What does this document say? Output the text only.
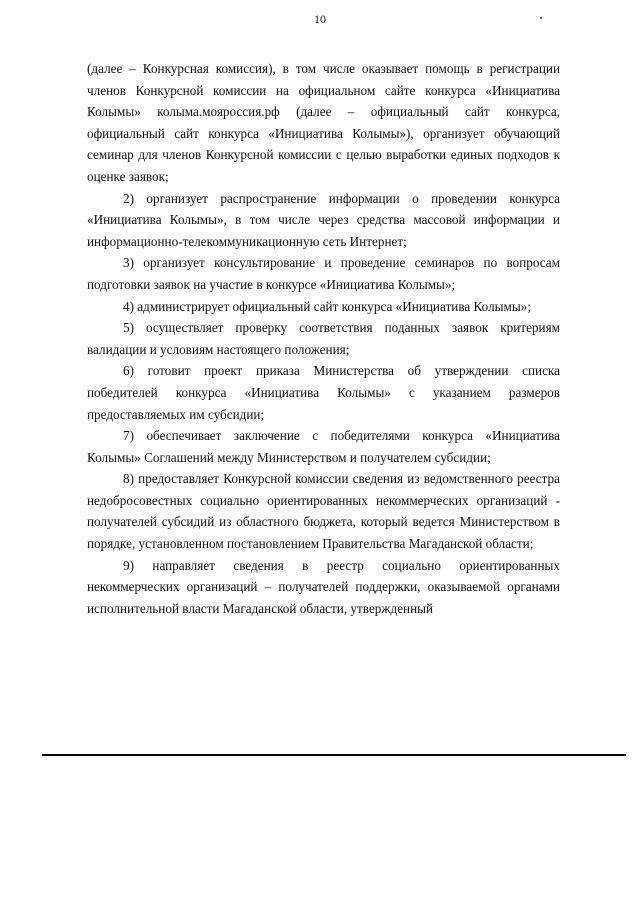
10

(далее – Конкурсная комиссия), в том числе оказывает помощь в регистрации членов Конкурсной комиссии на официальном сайте конкурса «Инициатива Колымы» колыма.мояроссия.рф (далее – официальный сайт конкурса, официальный сайт конкурса «Инициатива Колымы»), организует обучающий семинар для членов Конкурсной комиссии с целью выработки единых подходов к оценке заявок;

2) организует распространение информации о проведении конкурса «Инициатива Колымы», в том числе через средства массовой информации и информационно-телекоммуникационную сеть Интернет;

3) организует консультирование и проведение семинаров по вопросам подготовки заявок на участие в конкурсе «Инициатива Колымы»;

4) администрирует официальный сайт конкурса «Инициатива Колымы»;

5) осуществляет проверку соответствия поданных заявок критериям валидации и условиям настоящего положения;

6) готовит проект приказа Министерства об утверждении списка победителей конкурса «Инициатива Колымы» с указанием размеров предоставляемых им субсидии;

7) обеспечивает заключение с победителями конкурса «Инициатива Колымы» Соглашений между Министерством и получателем субсидии;

8) предоставляет Конкурсной комиссии сведения из ведомственного реестра недобросовестных социально ориентированных некоммерческих организаций - получателей субсидий из областного бюджета, который ведется Министерством в порядке, установленном постановлением Правительства Магаданской области;

9) направляет сведения в реестр социально ориентированных некоммерческих организаций – получателей поддержки, оказываемой органами исполнительной власти Магаданской области, утвержденный
